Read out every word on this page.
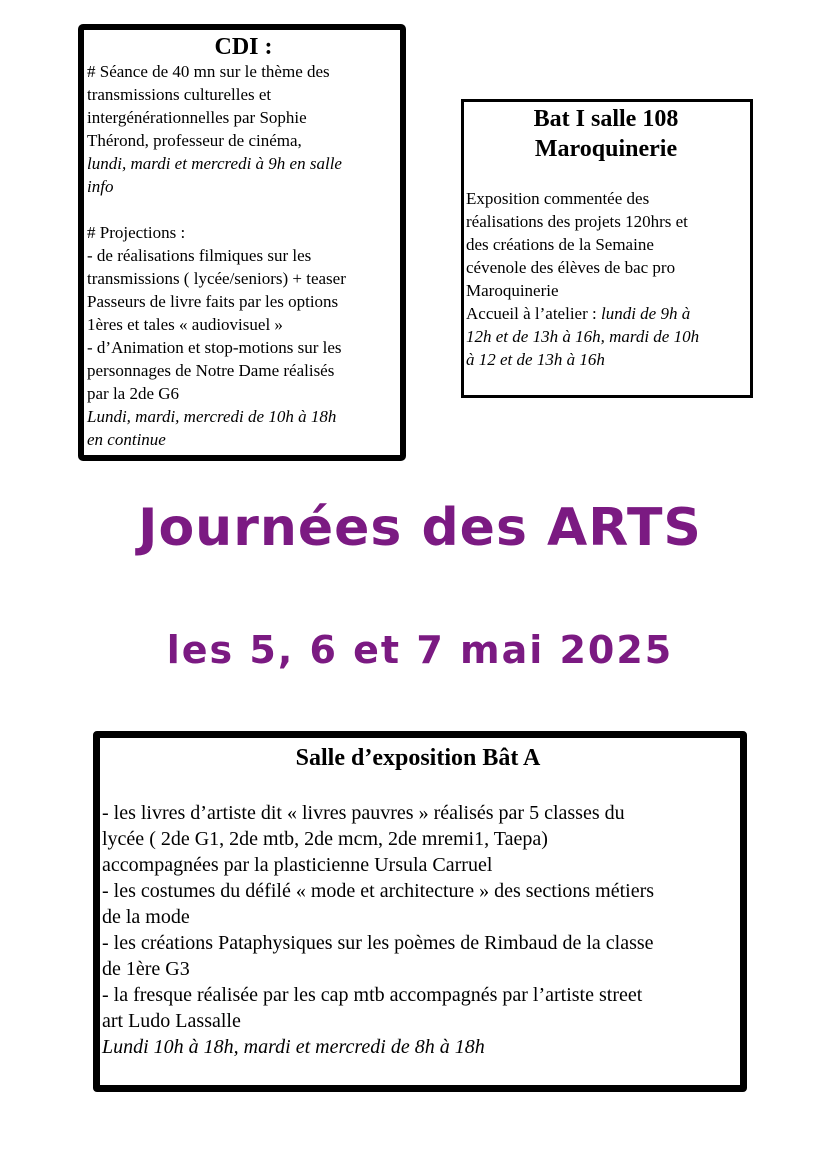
CDI :
# Séance de 40 mn sur le thème des
transmissions culturelles et
intergénérationnelles par Sophie
Thérond, professeur de cinéma,
lundi, mardi et mercredi à 9h en salle
info
# Projections :
- de réalisations filmiques sur les
transmissions ( lycée/seniors) + teaser
Passeurs de livre faits par les options
1ères et tales « audiovisuel »
- d’Animation et stop-motions sur les
personnages de Notre Dame réalisés
par la 2de G6
Lundi, mardi, mercredi de 10h à 18h
en continue
Bat I salle 108
Maroquinerie
Exposition commentée des
réalisations des projets 120hrs et
des créations de la Semaine
cévenole des élèves de bac pro
Maroquinerie
Accueil à l’atelier : lundi de 9h à
12h et de 13h à 16h, mardi de 10h
à 12 et de 13h à 16h
Journées des ARTS
les 5, 6 et 7 mai 2025
Salle d’exposition Bât A
- les livres d’artiste dit « livres pauvres » réalisés par 5 classes du
lycée ( 2de G1, 2de mtb, 2de mcm, 2de mremi1, Taepa)
accompagnées par la plasticienne Ursula Carruel
- les costumes du défilé « mode et architecture » des sections métiers
de la mode
- les créations Pataphysiques sur les poèmes de Rimbaud de la classe
de 1ère G3
- la fresque réalisée par les cap mtb accompagnés par l’artiste street
art Ludo Lassalle
Lundi 10h à 18h, mardi et mercredi de 8h à 18h
